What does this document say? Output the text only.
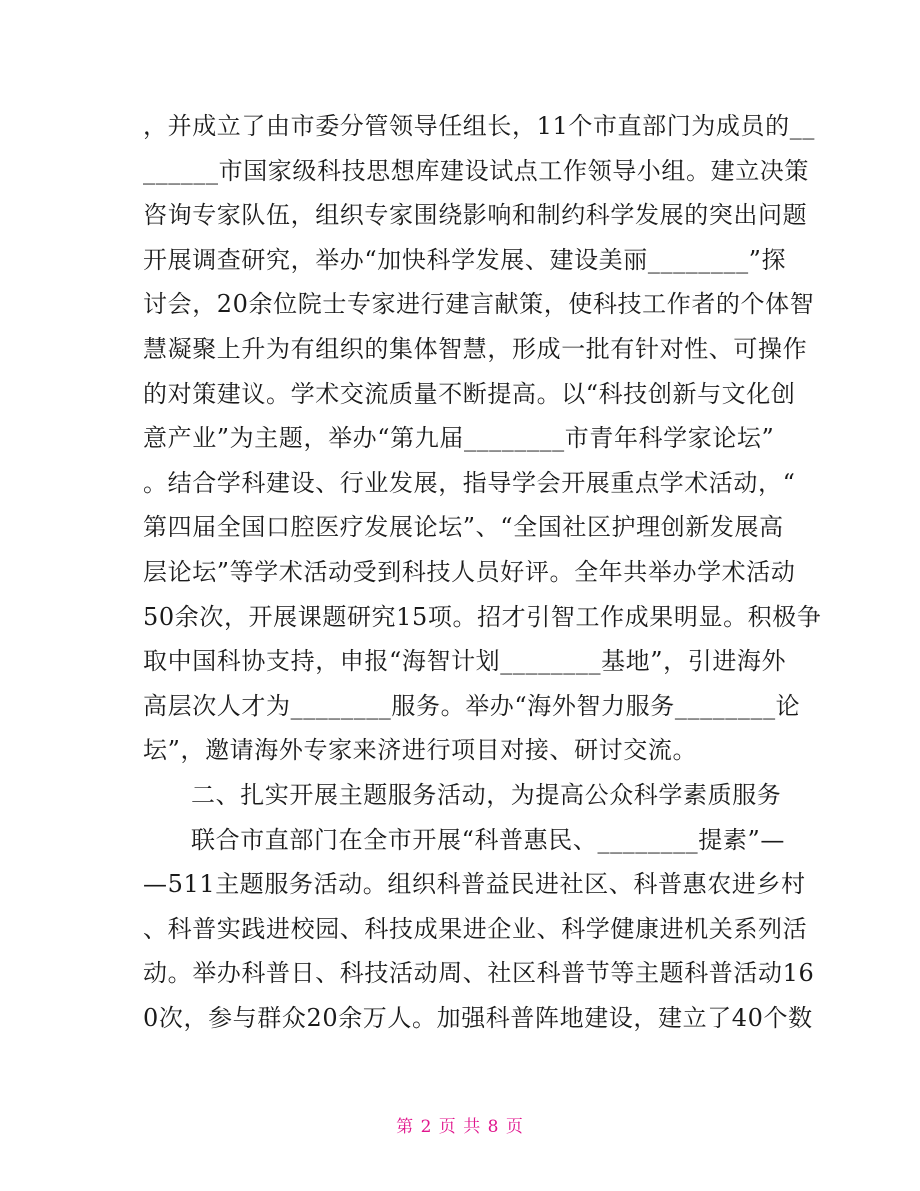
，并成立了由市委分管领导任组长，11个市直部门为成员的__
______市国家级科技思想库建设试点工作领导小组。建立决策
咨询专家队伍，组织专家围绕影响和制约科学发展的突出问题
开展调查研究，举办“加快科学发展、建设美丽________”探
讨会，20余位院士专家进行建言献策，使科技工作者的个体智
慧凝聚上升为有组织的集体智慧，形成一批有针对性、可操作
的对策建议。学术交流质量不断提高。以“科技创新与文化创
意产业”为主题，举办“第九届________市青年科学家论坛”
。结合学科建设、行业发展，指导学会开展重点学术活动，“
第四届全国口腔医疗发展论坛”、“全国社区护理创新发展高
层论坛”等学术活动受到科技人员好评。全年共举办学术活动
50余次，开展课题研究15项。招才引智工作成果明显。积极争
取中国科协支持，申报“海智计划________基地”，引进海外
高层次人才为________服务。举办“海外智力服务________论
坛”，邀请海外专家来济进行项目对接、研讨交流。
二、扎实开展主题服务活动，为提高公众科学素质服务
联合市直部门在全市开展“科普惠民、________提素”—
—511主题服务活动。组织科普益民进社区、科普惠农进乡村
、科普实践进校园、科技成果进企业、科学健康进机关系列活
动。举办科普日、科技活动周、社区科普节等主题科普活动16
0次，参与群众20余万人。加强科普阵地建设，建立了40个数
第 2 页 共 8 页
